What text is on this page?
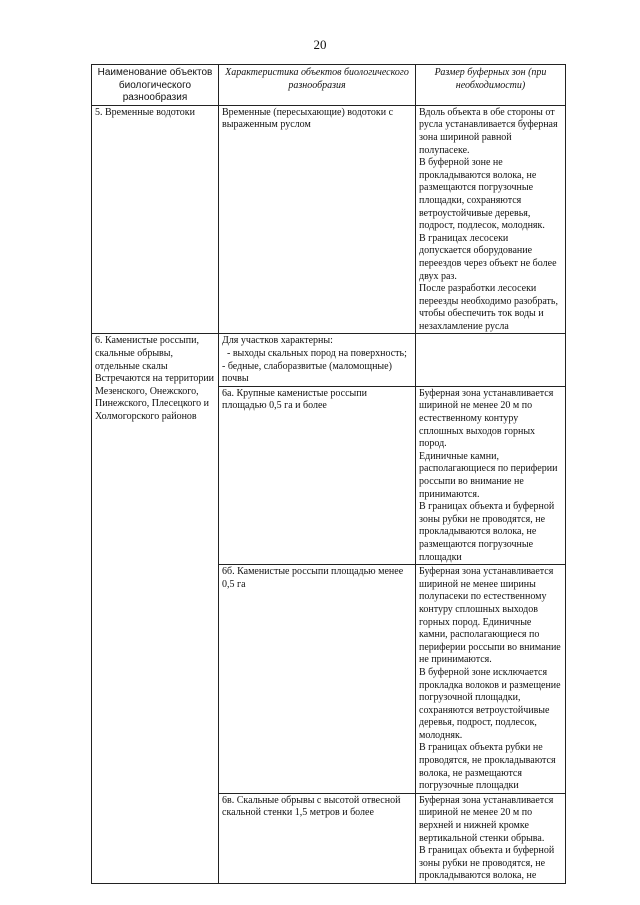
20
Наименование объектов биологического разнообразия	Характеристика объектов биологического разнообразия	Размер буферных зон (при необходимости)
5. Временные водотоки	Временные (пересыхающие) водотоки с выраженным руслом	Вдоль объекта в обе стороны от русла устанавливается буферная зона шириной равной полупасеке.
В буферной зоне не прокладываются волока, не размещаются погрузочные площадки, сохраняются ветроустойчивые деревья, подрост, подлесок, молодняк.
В границах лесосеки допускается оборудование переездов через объект не более двух раз.
После разработки лесосеки переезды необходимо разобрать, чтобы обеспечить ток воды и незахламление русла

6. Каменистые россыпи, скальные обрывы, отдельные скалы Встречаются на территории Мезенского, Онежского, Пинежского, Плесецкого и Холмогорского районов	Для участков характерны:
- выходы скальных пород на поверхность;
- бедные, слаборазвитые (маломощные) почвы	

	6а. Крупные каменистые россыпи площадью 0,5 га и более	Буферная зона устанавливается шириной не менее 20 м по естественному контуру сплошных выходов горных пород.
Единичные камни, располагающиеся по периферии россыпи во внимание не принимаются.
В границах объекта и буферной зоны рубки не проводятся, не прокладываются волока, не размещаются погрузочные площадки

	6б. Каменистые россыпи площадью менее 0,5 га	Буферная зона устанавливается шириной не менее ширины полупасеки по естественному контуру сплошных выходов горных пород. Единичные камни, располагающиеся по периферии россыпи во внимание не принимаются.
В буферной зоне исключается прокладка волоков и размещение погрузочной площадки, сохраняются ветроустойчивые деревья, подрост, подлесок, молодняк.
В границах объекта рубки не проводятся, не прокладываются волока, не размещаются погрузочные площадки

	6в. Скальные обрывы с высотой отвесной скальной стенки 1,5 метров и более	Буферная зона устанавливается шириной не менее 20 м по верхней и нижней кромке вертикальной стенки обрыва.
В границах объекта и буферной зоны рубки не проводятся, не прокладываются волока, не
